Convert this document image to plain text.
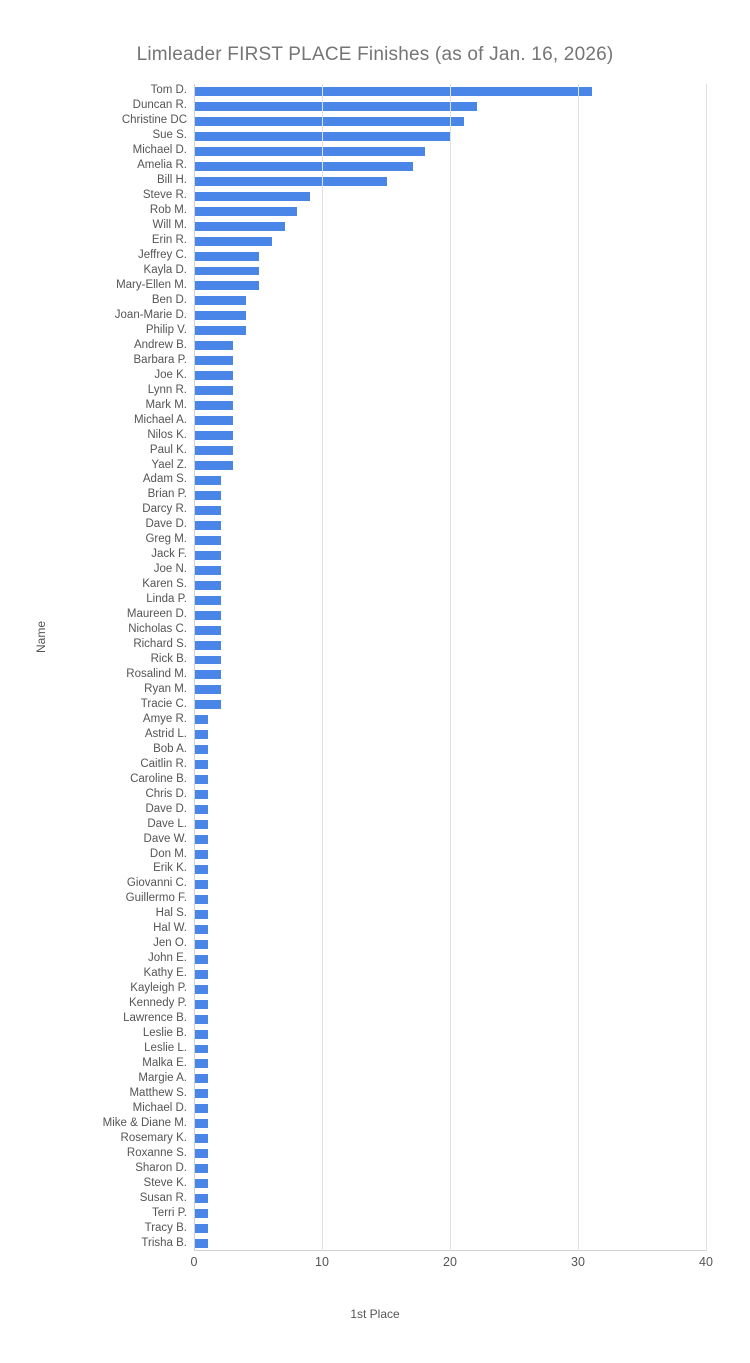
Limleader FIRST PLACE Finishes (as of Jan. 16, 2026)
Name
Tom D.
Duncan R.
Christine DC
Sue S.
Michael D.
Amelia R.
Bill H.
Steve R.
Rob M.
Will M.
Erin R.
Jeffrey C.
Kayla D.
Mary-Ellen M.
Ben D.
Joan-Marie D.
Philip V.
Andrew B.
Barbara P.
Joe K.
Lynn R.
Mark M.
Michael A.
Nilos K.
Paul K.
Yael Z.
Adam S.
Brian P.
Darcy R.
Dave D.
Greg M.
Jack F.
Joe N.
Karen S.
Linda P.
Maureen D.
Nicholas C.
Richard S.
Rick B.
Rosalind M.
Ryan M.
Tracie C.
Amye R.
Astrid L.
Bob A.
Caitlin R.
Caroline B.
Chris D.
Dave D.
Dave L.
Dave W.
Don M.
Erik K.
Giovanni C.
Guillermo F.
Hal S.
Hal W.
Jen O.
John E.
Kathy E.
Kayleigh P.
Kennedy P.
Lawrence B.
Leslie B.
Leslie L.
Malka E.
Margie A.
Matthew S.
Michael D.
Mike & Diane M.
Rosemary K.
Roxanne S.
Sharon D.
Steve K.
Susan R.
Terri P.
Tracy B.
Trisha B.
0	10	20	30	40
1st Place
